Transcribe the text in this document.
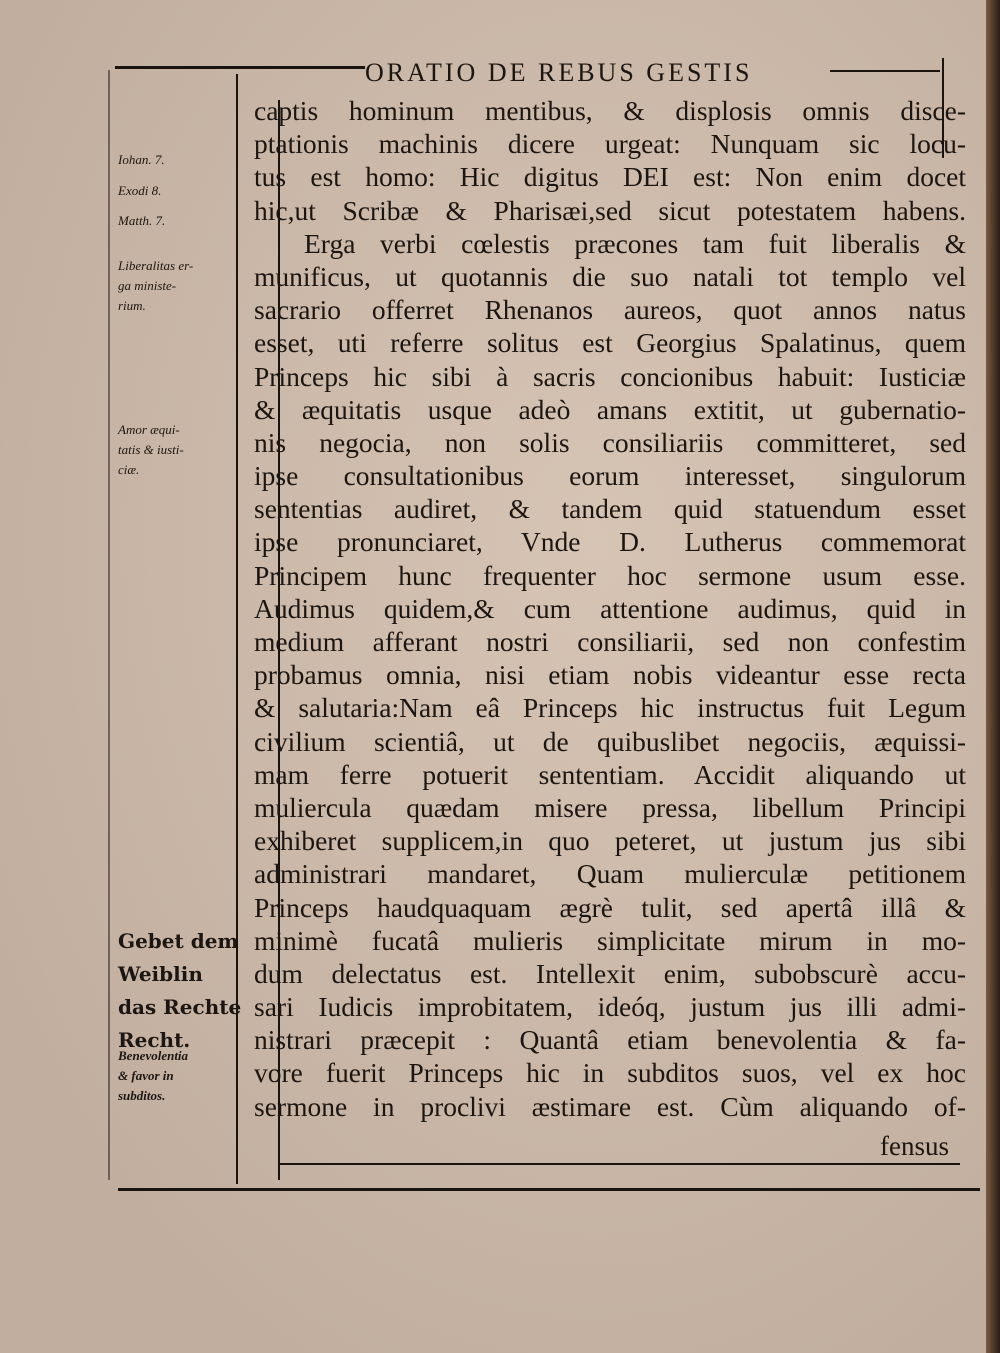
ORATIO DE REBUS GESTIS
Iohan. 7.
Exodi 8.
Matth. 7.
Liberalitas er-
ga ministe-
rium.
Amor æqui-
tatis & iusti-
ciæ.
Gebet dem
Weiblin
das Rechte
Recht.
Benevolentia
& favor in
subditos.
captis hominum mentibus, & displosis omnis disce-
ptationis machinis dicere urgeat: Nunquam sic locu-
tus est homo: Hic digitus DEI est: Non enim docet
hic,ut Scribæ & Pharisæi,sed sicut potestatem habens.
Erga verbi cœlestis præcones tam fuit liberalis &
munificus, ut quotannis die suo natali tot templo vel
sacrario offerret Rhenanos aureos, quot annos natus
esset, uti referre solitus est Georgius Spalatinus, quem
Princeps hic sibi à sacris concionibus habuit: Iusticiæ
& æquitatis usque adeò amans extitit, ut gubernatio-
nis negocia, non solis consiliariis committeret, sed
ipse consultationibus eorum interesset, singulorum
sententias audiret, & tandem quid statuendum esset
ipse pronunciaret, Vnde D. Lutherus commemorat
Principem hunc frequenter hoc sermone usum esse.
Audimus quidem,& cum attentione audimus, quid in
medium afferant nostri consiliarii, sed non confestim
probamus omnia, nisi etiam nobis videantur esse recta
& salutaria:Nam eâ Princeps hic instructus fuit Legum
civilium scientiâ, ut de quibuslibet negociis, æquissi-
mam ferre potuerit sententiam. Accidit aliquando ut
muliercula quædam misere pressa, libellum Principi
exhiberet supplicem,in quo peteret, ut justum jus sibi
administrari mandaret, Quam mulierculæ petitionem
Princeps haudquaquam ægrè tulit, sed apertâ illâ &
minimè fucatâ mulieris simplicitate mirum in mo-
dum delectatus est. Intellexit enim, subobscurè accu-
sari Iudicis improbitatem, ideóq, justum jus illi admi-
nistrari præcepit : Quantâ etiam benevolentia & fa-
vore fuerit Princeps hic in subditos suos, vel ex hoc
sermone in proclivi æstimare est. Cùm aliquando of-
fensus
